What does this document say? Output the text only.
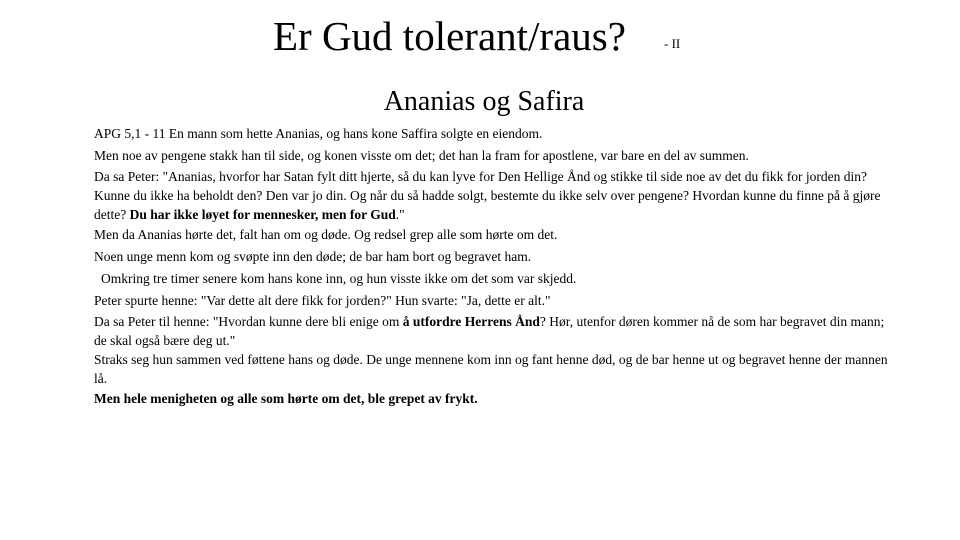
Er Gud tolerant/raus?	- II
Ananias og Safira

APG 5,1 - 11 En mann som hette Ananias, og hans kone Saffira solgte en eiendom.

Men noe av pengene stakk han til side, og konen visste om det; det han la fram for apostlene, var bare en del av summen.

Da sa Peter: "Ananias, hvorfor har Satan fylt ditt hjerte, så du kan lyve for Den Hellige Ånd og stikke til side noe av det du fikk for jorden din?

Kunne du ikke ha beholdt den? Den var jo din. Og når du så hadde solgt, bestemte du ikke selv over pengene? Hvordan kunne du finne på å gjøre dette? Du har ikke løyet for mennesker, men for Gud."

Men da Ananias hørte det, falt han om og døde. Og redsel grep alle som hørte om det.

Noen unge menn kom og svøpte inn den døde; de bar ham bort og begravet ham.

Omkring tre timer senere kom hans kone inn, og hun visste ikke om det som var skjedd.

Peter spurte henne: "Var dette alt dere fikk for jorden?" Hun svarte: "Ja, dette er alt."

Da sa Peter til henne: "Hvordan kunne dere bli enige om å utfordre Herrens Ånd? Hør, utenfor døren kommer nå de som har begravet din mann; de skal også bære deg ut."

Straks seg hun sammen ved føttene hans og døde. De unge mennene kom inn og fant henne død, og de bar henne ut og begravet henne der mannen lå.

Men hele menigheten og alle som hørte om det, ble grepet av frykt.
